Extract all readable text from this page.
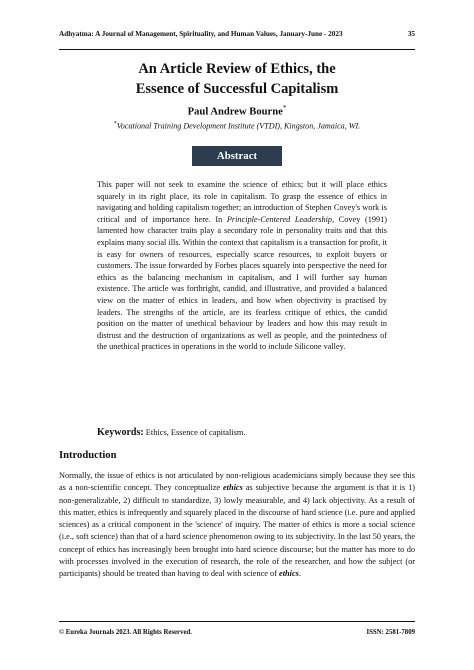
Adhyatma: A Journal of Management, Spirituality, and Human Values, January-June - 2023	35
An Article Review of Ethics, the
Essence of Successful Capitalism
Paul Andrew Bourne*
*Vocational Training Development Institute (VTDI), Kingston, Jamaica, WI.
Abstract
This paper will not seek to examine the science of ethics; but it will place ethics squarely in its right place, its role in capitalism. To grasp the essence of ethics in navigating and holding capitalism together; an introduction of Stephen Covey's work is critical and of importance here. In Principle-Centered Leadership, Covey (1991) lamented how character traits play a secondary role in personality traits and that this explains many social ills. Within the context that capitalism is a transaction for profit, it is easy for owners of resources, especially scarce resources, to exploit buyers or customers. The issue forwarded by Forbes places squarely into perspective the need for ethics as the balancing mechanism in capitalism, and I will further say human existence. The article was forthright, candid, and illustrative, and provided a balanced view on the matter of ethics in leaders, and how when objectivity is practised by leaders. The strengths of the article, are its fearless critique of ethics, the candid position on the matter of unethical behaviour by leaders and how this may result in distrust and the destruction of organizations as well as people, and the pointedness of the unethical practices in operations in the world to include Silicone valley.
Keywords: Ethics, Essence of capitalism.
Introduction
Normally, the issue of ethics is not articulated by non-religious academicians simply because they see this as a non-scientific concept. They conceptualize ethics as subjective because the argument is that it is 1) non-generalizable, 2) difficult to standardize, 3) lowly measurable, and 4) lack objectivity. As a result of this matter, ethics is infrequently and squarely placed in the discourse of hard science (i.e. pure and applied sciences) as a critical component in the 'science' of inquiry. The matter of ethics is more a social science (i.e., soft science) than that of a hard science phenomenon owing to its subjectivity. In the last 50 years, the concept of ethics has increasingly been brought into hard science discourse; but the matter has more to do with processes involved in the execution of research, the role of the researcher, and how the subject (or participants) should be treated than having to deal with science of ethics.
© Eureka Journals 2023. All Rights Reserved.	ISSN: 2581-7809
